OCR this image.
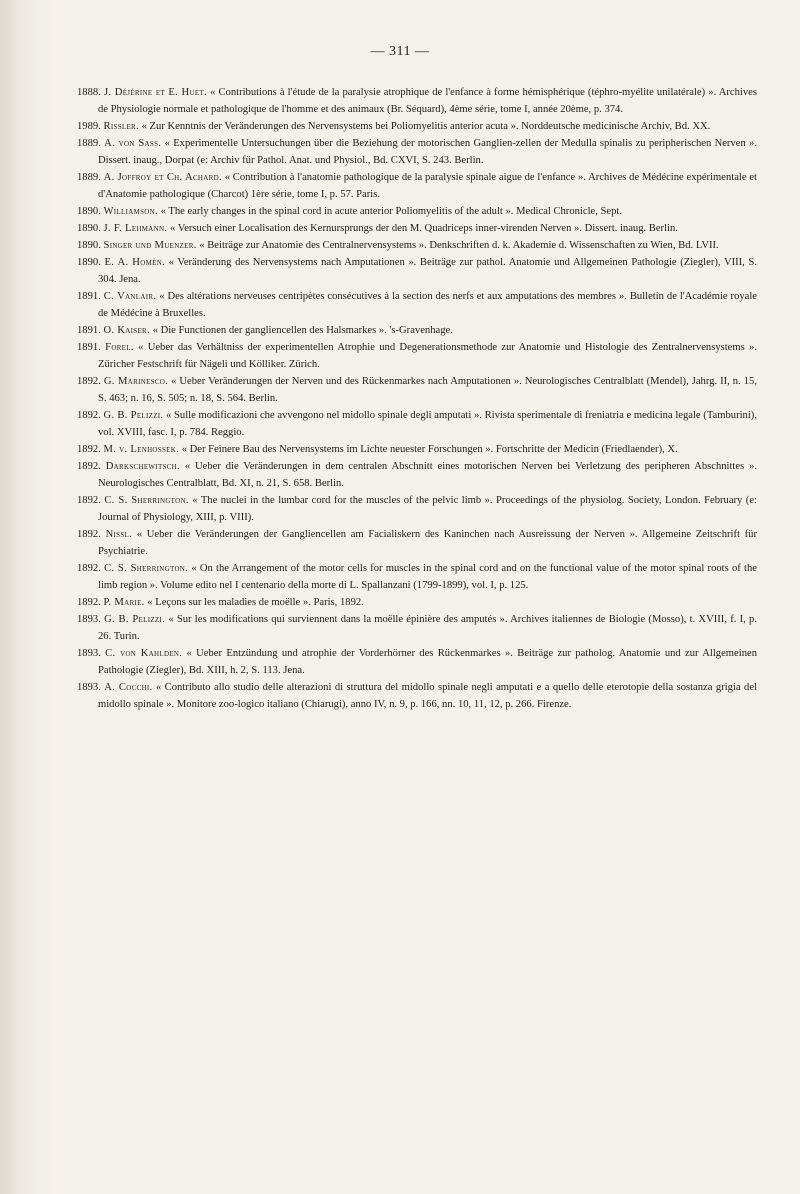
— 311 —

1888. J. Déjérine et E. Huet. « Contributions à l'étude de la paralysie atrophique de l'enfance à forme hémisphérique (téphro-myélite unilatérale) ». Archives de Physiologie normale et pathologique de l'homme et des animaux (Br. Séquard), 4ème série, tome I, année 20ème, p. 374.

1989. Rissler. « Zur Kenntnis der Veränderungen des Nervensystems bei Poliomyelitis anterior acuta ». Norddeutsche medicinische Archiv, Bd. XX.

1889. A. von Sass. « Experimentelle Untersuchungen über die Beziehung der motorischen Ganglien-zellen der Medulla spinalis zu peripherischen Nerven ». Dissert. inaug., Dorpat (e: Archiv für Pathol. Anat. und Physiol., Bd. CXVI, S. 243. Berlin.

1889. A. Joffroy et Ch. Achard. « Contribution à l'anatomie pathologique de la paralysie spinale aigue de l'enfance ». Archives de Médécine expérimentale et d'Anatomie pathologique (Charcot) 1ère série, tome I, p. 57. Paris.

1890. Williamson. « The early changes in the spinal cord in acute anterior Poliomyelitis of the adult ». Medical Chronicle, Sept.

1890. J. F. Lehmann. « Versuch einer Localisation des Kernursprungs der den M. Quadriceps inner-virenden Nerven ». Dissert. inaug. Berlin.

1890. Singer und Muenzer. « Beiträge zur Anatomie des Centralnervensystems ». Denkschriften d. k. Akademie d. Wissenschaften zu Wien, Bd. LVII.

1890. E. A. Homén. « Veränderung des Nervensystems nach Amputationen ». Beiträge zur pathol. Anatomie und Allgemeinen Pathologie (Ziegler), VIII, S. 304. Jena.

1891. C. Vanlair. « Des altérations nerveuses centripètes consécutives à la section des nerfs et aux amputations des membres ». Bulletin de l'Académie royale de Médécine à Bruxelles.

1891. O. Kaiser. « Die Functionen der gangliencellen des Halsmarkes ». 's-Gravenhage.

1891. Forel. « Ueber das Verhältniss der experimentellen Atrophie und Degenerationsmethode zur Anatomie und Histologie des Zentralnervensystems ». Züricher Festschrift für Nägeli und Kölliker. Zürich.

1892. G. Marinesco. « Ueber Veränderungen der Nerven und des Rückenmarkes nach Amputationen ». Neurologisches Centralblatt (Mendel), Jahrg. II, n. 15, S. 463; n. 16, S. 505; n. 18, S. 564. Berlin.

1892. G. B. Pelizzi. « Sulle modificazioni che avvengono nel midollo spinale degli amputati ». Rivista sperimentale di freniatria e medicina legale (Tamburini), vol. XVIII, fasc. I, p. 784. Reggio.

1892. M. v. Lenhossek. « Der Feinere Bau des Nervensystems im Lichte neuester Forschungen ». Fortschritte der Medicin (Friedlaender), X.

1892. Darkschewitsch. « Ueber die Veränderungen in dem centralen Abschnitt eines motorischen Nerven bei Verletzung des peripheren Abschnittes ». Neurologisches Centralblatt, Bd. XI, n. 21, S. 658. Berlin.

1892. C. S. Sherrington. « The nuclei in the lumbar cord for the muscles of the pelvic limb ». Proceedings of the physiolog. Society, London. February (e: Journal of Physiology, XIII, p. VIII).

1892. Nissl. « Ueber die Veränderungen der Gangliencellen am Facialiskern des Kaninchen nach Ausreissung der Nerven ». Allgemeine Zeitschrift für Psychiatrie.

1892. C. S. Sherrington. « On the Arrangement of the motor cells for muscles in the spinal cord and on the functional value of the motor spinal roots of the limb region ». Volume edito nel I centenario della morte di L. Spallanzani (1799-1899), vol. I, p. 125.

1892. P. Marie. « Leçons sur les maladies de moëlle ». Paris, 1892.

1893. G. B. Pelizzi. « Sur les modifications qui surviennent dans la moëlle épinière des amputés ». Archives italiennes de Biologie (Mosso), t. XVIII, f. I, p. 26. Turin.

1893. C. von Kahlden. « Ueber Entzündung und atrophie der Vorderhörner des Rückenmarkes ». Beiträge zur patholog. Anatomie und zur Allgemeinen Pathologie (Ziegler), Bd. XIII, h. 2, S. 113. Jena.

1893. A. Cocchi. « Contributo allo studio delle alterazioni di struttura del midollo spinale negli amputati e a quello delle eterotopie della sostanza grigia del midollo spinale ». Monitore zoo-logico italiano (Chiarugi), anno IV, n. 9, p. 166, nn. 10, 11, 12, p. 266. Firenze.
